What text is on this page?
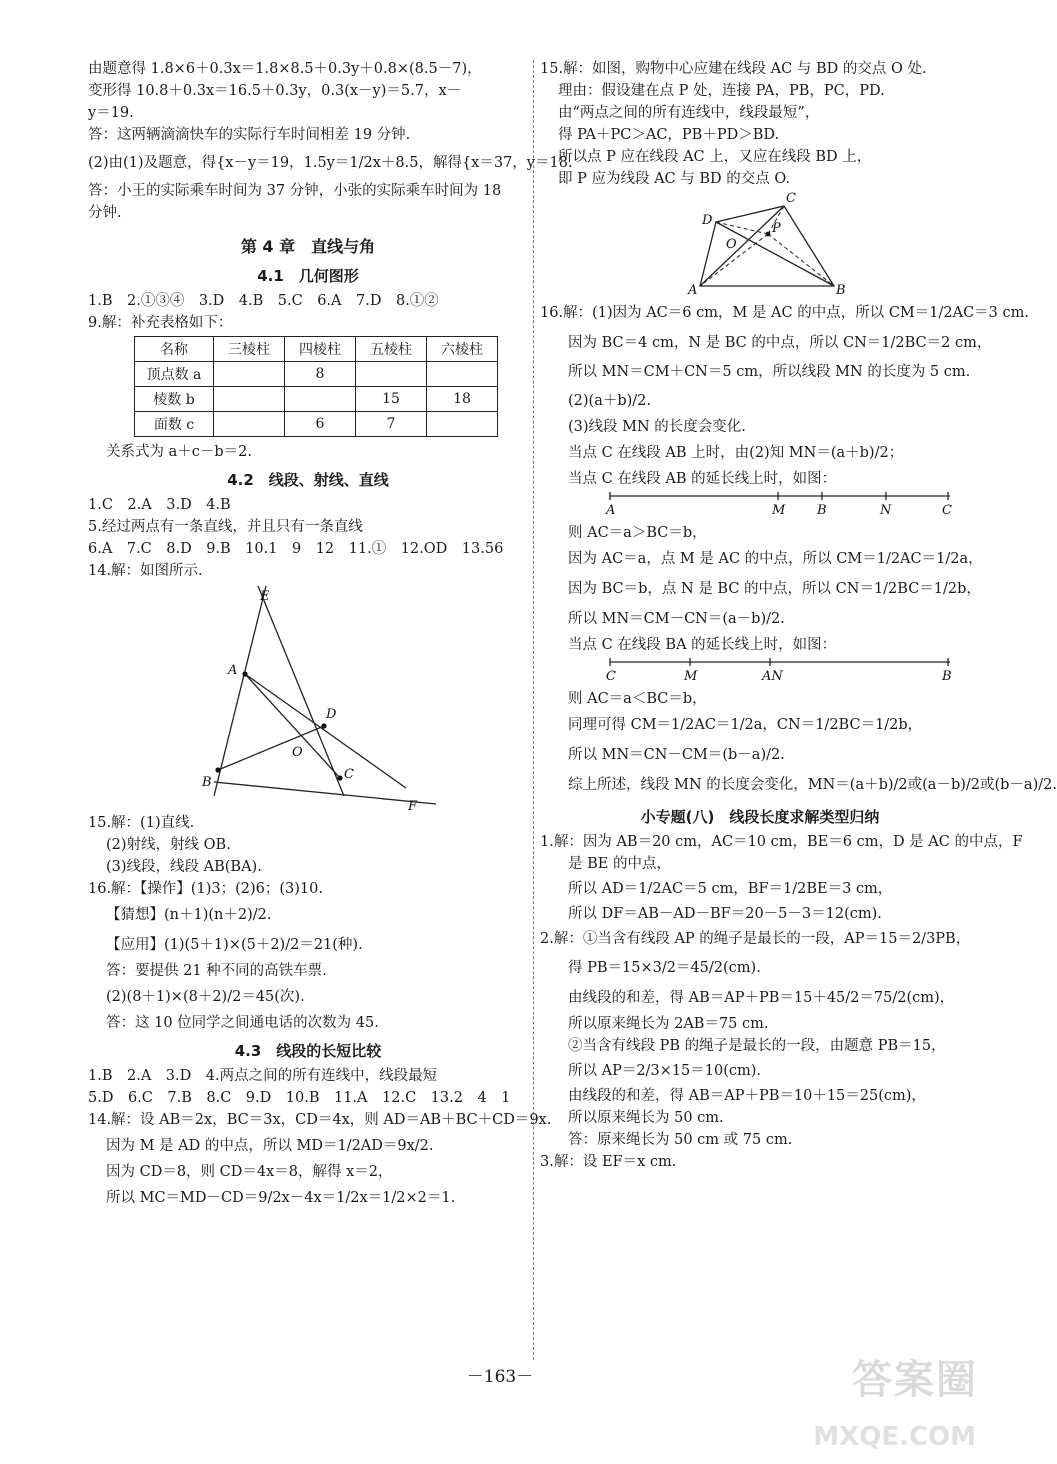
由题意得 1.8×6＋0.3x＝1.8×8.5＋0.3y＋0.8×(8.5－7)，
变形得 10.8＋0.3x＝16.5＋0.3y，0.3(x－y)＝5.7，x－
y＝19.
答：这两辆滴滴快车的实际行车时间相差 19 分钟.
(2)由(1)及题意，得{x－y＝19，1.5y＝1/2x＋8.5，解得{x＝37，y＝18.
答：小王的实际乘车时间为 37 分钟，小张的实际乘车时间为 18
分钟.
第 4 章　直线与角
4.1　几何图形
1.B　2.①③④　3.D　4.B　5.C　6.A　7.D　8.①②
9.解：补充表格如下：
名称	三棱柱	四棱柱	五棱柱	六棱柱
顶点数 a		8		
棱数 b			15	18
面数 c		6	7	
关系式为 a＋c－b＝2.
4.2　线段、射线、直线
1.C　2.A　3.D　4.B
5.经过两点有一条直线，并且只有一条直线
6.A　7.C　8.D　9.B　10.1　9　12　11.①　12.OD　13.56
14.解：如图所示.
E
A
D
O
B
C
F
15.解：(1)直线.
(2)射线，射线 OB.
(3)线段，线段 AB(BA).
16.解：【操作】(1)3；(2)6；(3)10.
【猜想】(n＋1)(n＋2)/2.
【应用】(1)(5＋1)×(5＋2)/2＝21(种).
答：要提供 21 种不同的高铁车票.
(2)(8＋1)×(8＋2)/2＝45(次).
答：这 10 位同学之间通电话的次数为 45.
4.3　线段的长短比较
1.B　2.A　3.D　4.两点之间的所有连线中，线段最短
5.D　6.C　7.B　8.C　9.D　10.B　11.A　12.C　13.2　4　1
14.解：设 AB＝2x，BC＝3x，CD＝4x，则 AD＝AB＋BC＋CD＝9x.
因为 M 是 AD 的中点，所以 MD＝1/2AD＝9x/2.
因为 CD＝8，则 CD＝4x＝8，解得 x＝2，
所以 MC＝MD－CD＝9/2x－4x＝1/2x＝1/2×2＝1.
15.解：如图，购物中心应建在线段 AC 与 BD 的交点 O 处.
理由：假设建在点 P 处，连接 PA，PB，PC，PD.
由“两点之间的所有连线中，线段最短”，
得 PA＋PC＞AC，PB＋PD＞BD.
所以点 P 应在线段 AC 上，又应在线段 BD 上，
即 P 应为线段 AC 与 BD 的交点 O.
C
D
P
O
A	B
16.解：(1)因为 AC＝6 cm，M 是 AC 的中点，所以 CM＝1/2AC＝3 cm.
因为 BC＝4 cm，N 是 BC 的中点，所以 CN＝1/2BC＝2 cm，
所以 MN＝CM＋CN＝5 cm，所以线段 MN 的长度为 5 cm.
(2)(a＋b)/2.
(3)线段 MN 的长度会变化.
当点 C 在线段 AB 上时，由(2)知 MN＝(a＋b)/2；
当点 C 在线段 AB 的延长线上时，如图：
A	M B	N	C
则 AC＝a＞BC＝b，
因为 AC＝a，点 M 是 AC 的中点，所以 CM＝1/2AC＝1/2a，
因为 BC＝b，点 N 是 BC 的中点，所以 CN＝1/2BC＝1/2b，
所以 MN＝CM－CN＝(a－b)/2.
当点 C 在线段 BA 的延长线上时，如图：
C	M	AN	B
则 AC＝a＜BC＝b，
同理可得 CM＝1/2AC＝1/2a，CN＝1/2BC＝1/2b，
所以 MN＝CN－CM＝(b－a)/2.
综上所述，线段 MN 的长度会变化，MN＝(a＋b)/2或(a－b)/2或(b－a)/2.
小专题(八)　线段长度求解类型归纳
1.解：因为 AB＝20 cm，AC＝10 cm，BE＝6 cm，D 是 AC 的中点，F
是 BE 的中点，
所以 AD＝1/2AC＝5 cm，BF＝1/2BE＝3 cm，
所以 DF＝AB－AD－BF＝20－5－3＝12(cm).
2.解：①当含有线段 AP 的绳子是最长的一段，AP＝15＝2/3PB，
得 PB＝15×3/2＝45/2(cm).
由线段的和差，得 AB＝AP＋PB＝15＋45/2＝75/2(cm)，
所以原来绳长为 2AB＝75 cm.
②当含有线段 PB 的绳子是最长的一段，由题意 PB＝15，
所以 AP＝2/3×15＝10(cm).
由线段的和差，得 AB＝AP＋PB＝10＋15＝25(cm)，
所以原来绳长为 50 cm.
答：原来绳长为 50 cm 或 75 cm.
3.解：设 EF＝x cm.
－163－	答案圈
MXQE.COM
